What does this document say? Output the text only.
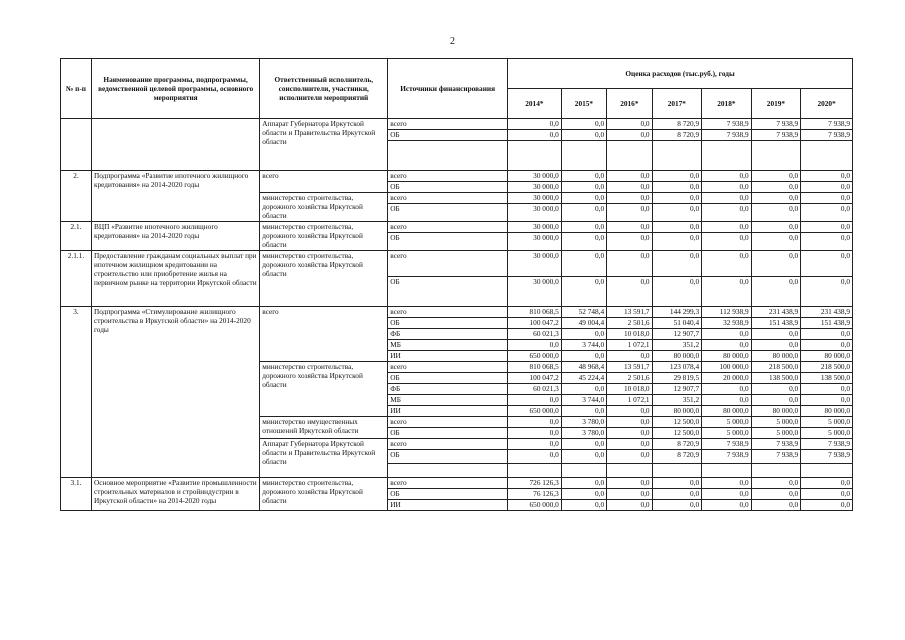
2
№ п-п	Наименование программы, подпрограммы, ведомственной целевой программы, основного мероприятия	Ответственный исполнитель, соисполнители, участники, исполнители мероприятий	Источники финансирования	Оценка расходов (тыс.руб.), годы						
				2014*	2015*	2016*	2017*	2018*	2019*	2020*
		Аппарат Губернатора Иркутской области и Правительства Иркутской области	всего	0,0	0,0	0,0	8 720,9	7 938,9	7 938,9	7 938,9
			ОБ	0,0	0,0	0,0	8 720,9	7 938,9	7 938,9	7 938,9

2.	Подпрограмма «Развитие ипотечного жилищного кредитования» на 2014-2020 годы	всего	всего	30 000,0	0,0	0,0	0,0	0,0	0,0	0,0
			ОБ	30 000,0	0,0	0,0	0,0	0,0	0,0	0,0
		министерство строительства, дорожного хозяйства Иркутской области	всего	30 000,0	0,0	0,0	0,0	0,0	0,0	0,0
			ОБ	30 000,0	0,0	0,0	0,0	0,0	0,0	0,0
2.1.	ВЦП «Развитие ипотечного жилищного кредитования» на 2014-2020 годы	министерство строительства, дорожного хозяйства Иркутской области	всего	30 000,0	0,0	0,0	0,0	0,0	0,0	0,0
			ОБ	30 000,0	0,0	0,0	0,0	0,0	0,0	0,0
2.1.1.	Предоставление гражданам социальных выплат при ипотечном жилищном кредитовании на строительство или приобретение жилья на первичном рынке на территории Иркутской области	министерство строительства, дорожного хозяйства Иркутской области	всего	30 000,0	0,0	0,0	0,0	0,0	0,0	0,0
			ОБ	30 000,0	0,0	0,0	0,0	0,0	0,0	0,0
3.	Подпрограмма «Стимулирование жилищного строительства в Иркутской области» на 2014-2020 годы	всего	всего	810 068,5	52 748,4	13 591,7	144 299,3	112 938,9	231 438,9	231 438,9
			ОБ	100 047,2	49 004,4	2 501,6	51 040,4	32 938,9	151 438,9	151 438,9
			ФБ	60 021,3	0,0	10 018,0	12 907,7	0,0	0,0	0,0
			МБ	0,0	3 744,0	1 072,1	351,2	0,0	0,0	0,0
			ИИ	650 000,0	0,0	0,0	80 000,0	80 000,0	80 000,0	80 000,0
		министерство строительства, дорожного хозяйства Иркутской области	всего	810 068,5	48 968,4	13 591,7	123 078,4	100 000,0	218 500,0	218 500,0
			ОБ	100 047,2	45 224,4	2 501,6	29 819,5	20 000,0	138 500,0	138 500,0
			ФБ	60 021,3	0,0	10 018,0	12 907,7	0,0	0,0	0,0
			МБ	0,0	3 744,0	1 072,1	351,2	0,0	0,0	0,0
			ИИ	650 000,0	0,0	0,0	80 000,0	80 000,0	80 000,0	80 000,0
		министерство имущественных отношений Иркутской области	всего	0,0	3 780,0	0,0	12 500,0	5 000,0	5 000,0	5 000,0
			ОБ	0,0	3 780,0	0,0	12 500,0	5 000,0	5 000,0	5 000,0
		Аппарат Губернатора Иркутской области и Правительства Иркутской области	всего	0,0	0,0	0,0	8 720,9	7 938,9	7 938,9	7 938,9
			ОБ	0,0	0,0	0,0	8 720,9	7 938,9	7 938,9	7 938,9

3.1.	Основное мероприятие «Развитие промышленности строительных материалов и стройиндустрии в Иркутской области» на 2014-2020 годы	министерство строительства, дорожного хозяйства Иркутской области	всего	726 126,3	0,0	0,0	0,0	0,0	0,0	0,0
			ОБ	76 126,3	0,0	0,0	0,0	0,0	0,0	0,0
			ИИ	650 000,0	0,0	0,0	0,0	0,0	0,0	0,0
